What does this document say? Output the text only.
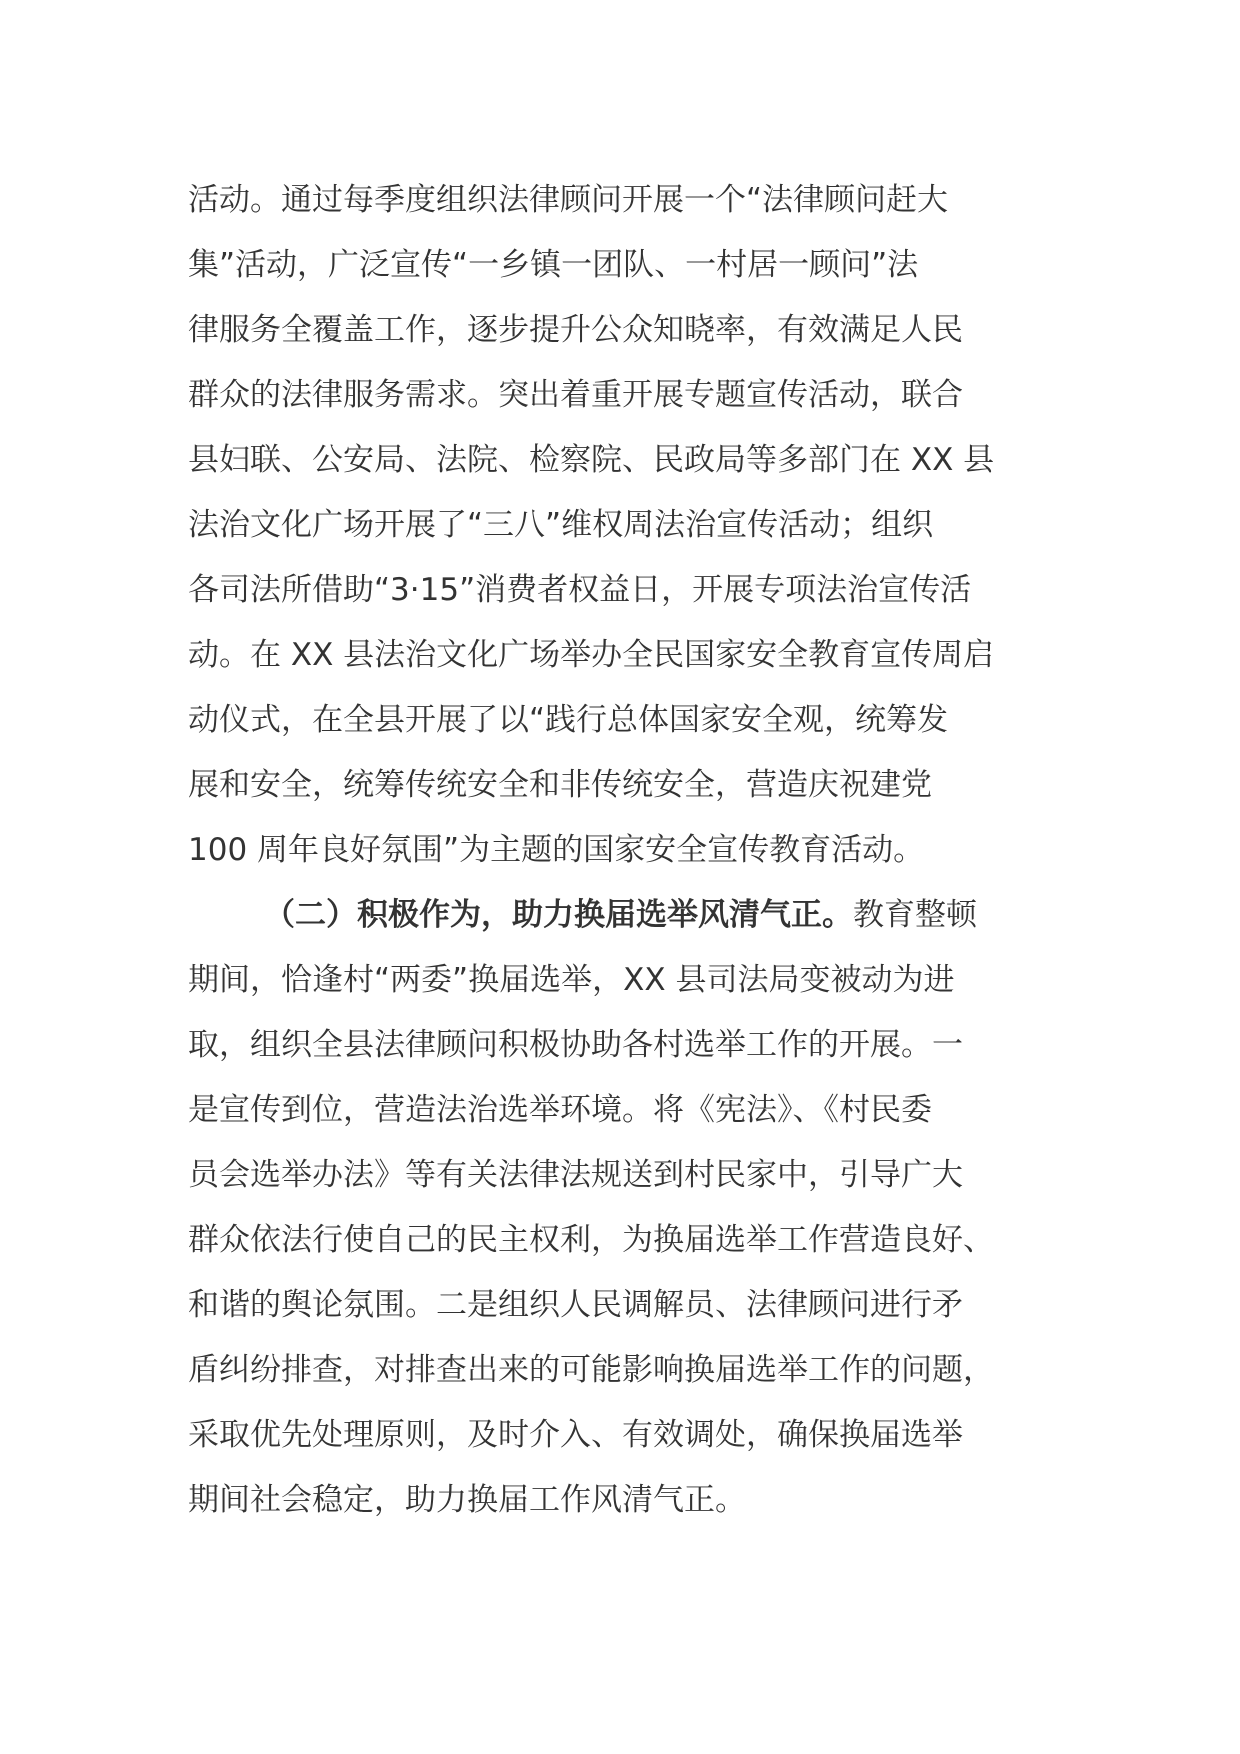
活动。通过每季度组织法律顾问开展一个“法律顾问赶大
集”活动，广泛宣传“一乡镇一团队、一村居一顾问”法
律服务全覆盖工作，逐步提升公众知晓率，有效满足人民
群众的法律服务需求。突出着重开展专题宣传活动，联合
县妇联、公安局、法院、检察院、民政局等多部门在 XX 县
法治文化广场开展了“三八”维权周法治宣传活动；组织
各司法所借助“3·15”消费者权益日，开展专项法治宣传活
动。在 XX 县法治文化广场举办全民国家安全教育宣传周启
动仪式，在全县开展了以“践行总体国家安全观，统筹发
展和安全，统筹传统安全和非传统安全，营造庆祝建党
100 周年良好氛围”为主题的国家安全宣传教育活动。
（二）积极作为，助力换届选举风清气正。教育整顿
期间，恰逢村“两委”换届选举，XX 县司法局变被动为进
取，组织全县法律顾问积极协助各村选举工作的开展。一
是宣传到位，营造法治选举环境。将《宪法》、《村民委
员会选举办法》等有关法律法规送到村民家中，引导广大
群众依法行使自己的民主权利，为换届选举工作营造良好、
和谐的舆论氛围。二是组织人民调解员、法律顾问进行矛
盾纠纷排查，对排查出来的可能影响换届选举工作的问题，
采取优先处理原则，及时介入、有效调处，确保换届选举
期间社会稳定，助力换届工作风清气正。
